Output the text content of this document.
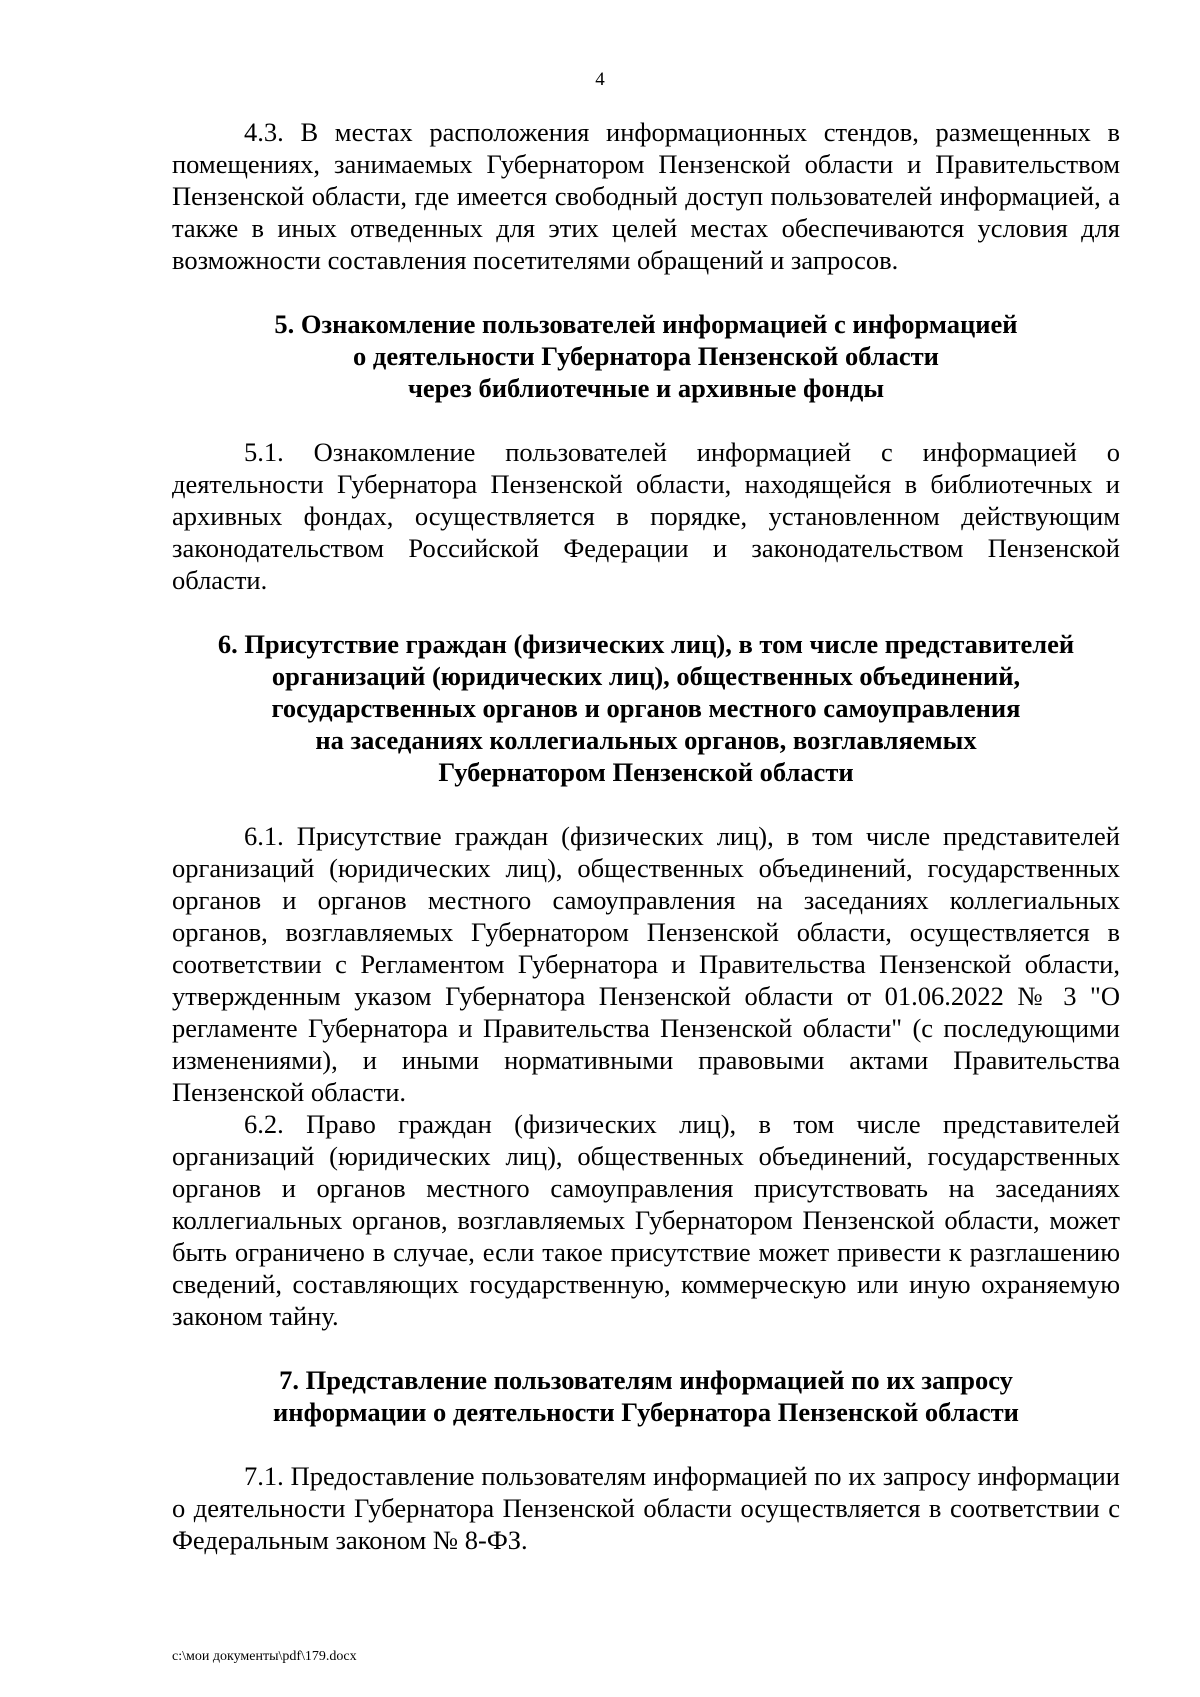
4

4.3. В местах расположения информационных стендов, размещенных в помещениях, занимаемых Губернатором Пензенской области и Правительством Пензенской области, где имеется свободный доступ пользователей информацией, а также в иных отведенных для этих целей местах обеспечиваются условия для возможности составления посетителями обращений и запросов.

5. Ознакомление пользователей информацией с информацией
о деятельности Губернатора Пензенской области
через библиотечные и архивные фонды

5.1. Ознакомление пользователей информацией с информацией о деятельности Губернатора Пензенской области, находящейся в библиотечных и архивных фондах, осуществляется в порядке, установленном действующим законодательством Российской Федерации и законодательством Пензенской области.

6. Присутствие граждан (физических лиц), в том числе представителей
организаций (юридических лиц), общественных объединений,
государственных органов и органов местного самоуправления
на заседаниях коллегиальных органов, возглавляемых
Губернатором Пензенской области

6.1. Присутствие граждан (физических лиц), в том числе представителей организаций (юридических лиц), общественных объединений, государственных органов и органов местного самоуправления на заседаниях коллегиальных органов, возглавляемых Губернатором Пензенской области, осуществляется в соответствии с Регламентом Губернатора и Правительства Пензенской области, утвержденным указом Губернатора Пензенской области от 01.06.2022 № 3 "О регламенте Губернатора и Правительства Пензенской области" (с последующими изменениями), и иными нормативными правовыми актами Правительства Пензенской области.

6.2. Право граждан (физических лиц), в том числе представителей организаций (юридических лиц), общественных объединений, государственных органов и органов местного самоуправления присутствовать на заседаниях коллегиальных органов, возглавляемых Губернатором Пензенской области, может быть ограничено в случае, если такое присутствие может привести к разглашению сведений, составляющих государственную, коммерческую или иную охраняемую законом тайну.

7. Представление пользователям информацией по их запросу
информации о деятельности Губернатора Пензенской области

7.1. Предоставление пользователям информацией по их запросу информации о деятельности Губернатора Пензенской области осуществляется в соответствии с Федеральным законом № 8-ФЗ.

c:\мои документы\pdf\179.docx
